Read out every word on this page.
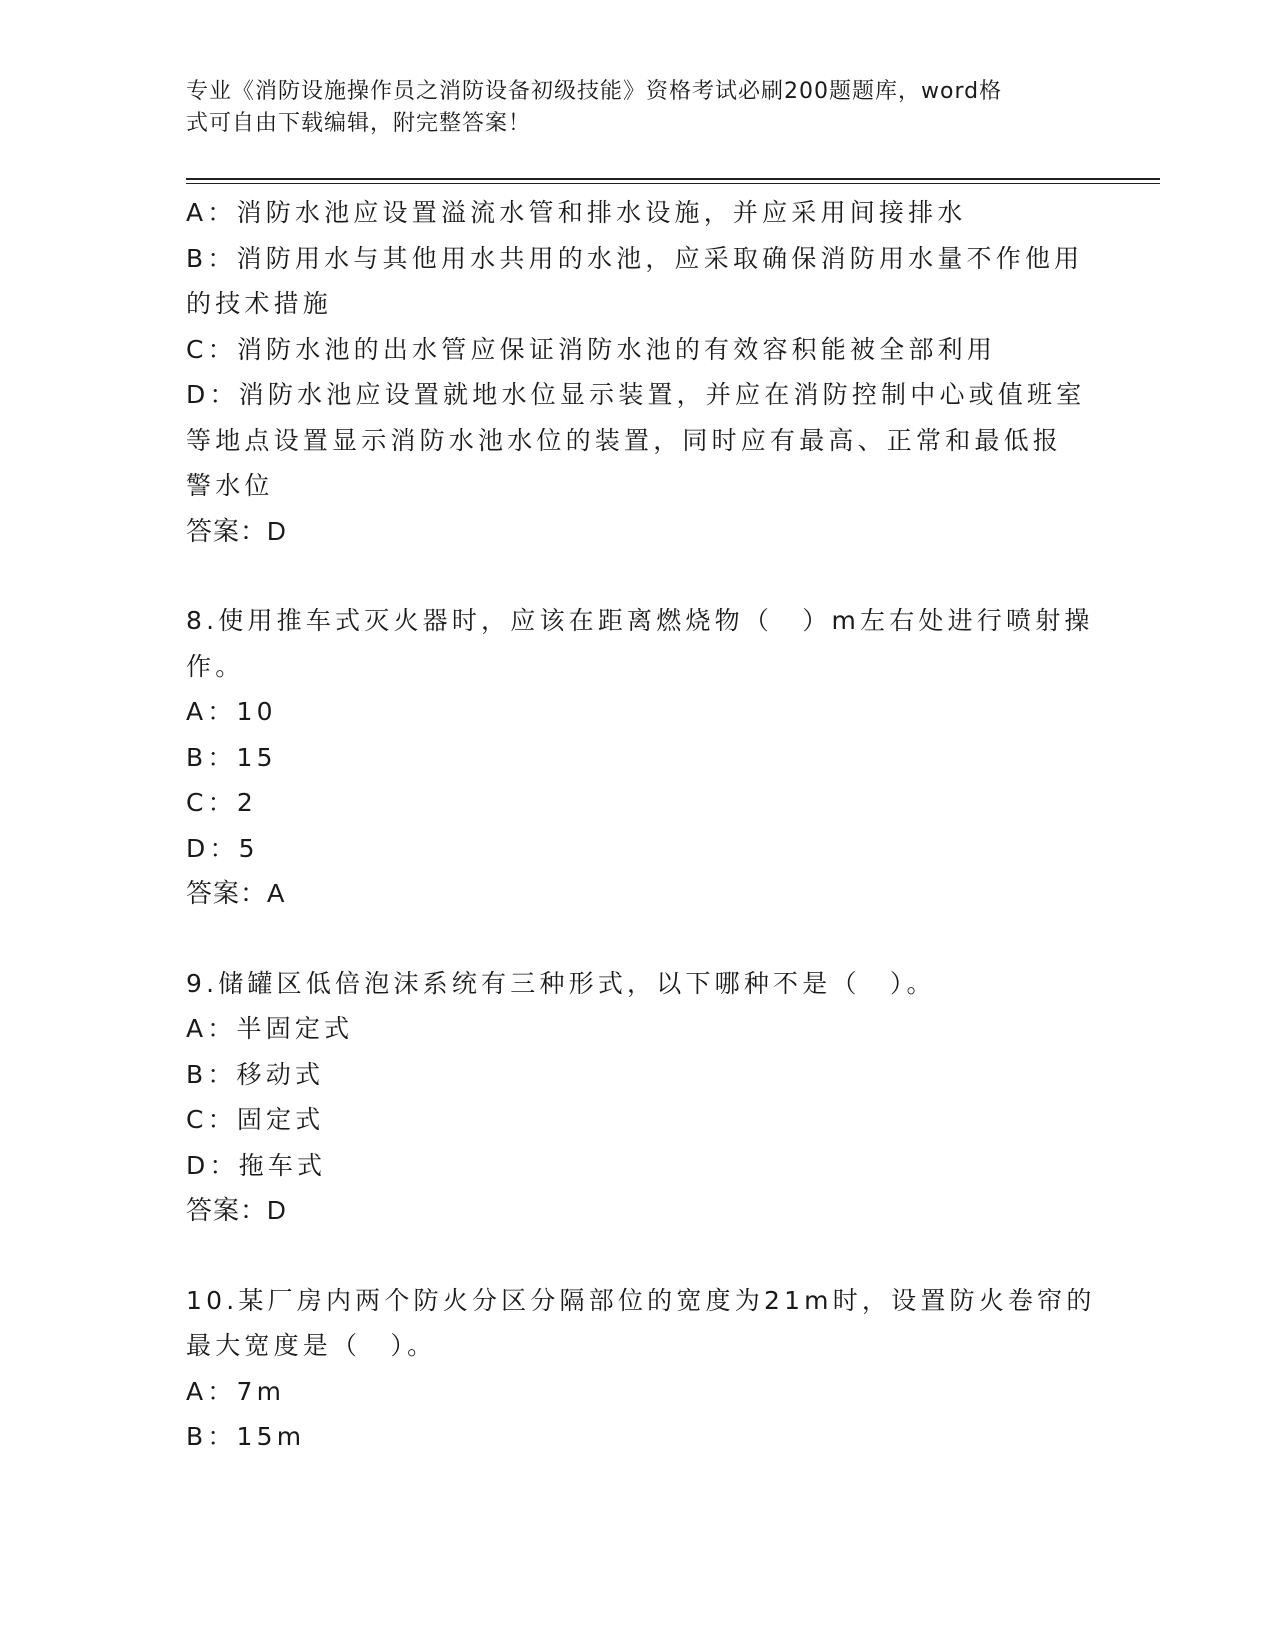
专业《消防设施操作员之消防设备初级技能》资格考试必刷200题题库，word格
式可自由下载编辑，附完整答案！
A：消防水池应设置溢流水管和排水设施，并应采用间接排水
B：消防用水与其他用水共用的水池，应采取确保消防用水量不作他用
的技术措施
C：消防水池的出水管应保证消防水池的有效容积能被全部利用
D：消防水池应设置就地水位显示装置，并应在消防控制中心或值班室
等地点设置显示消防水池水位的装置，同时应有最高、正常和最低报
警水位
答案：D
8.使用推车式灭火器时，应该在距离燃烧物（　）m左右处进行喷射操
作。
A：10
B：15
C：2
D：5
答案：A
9.储罐区低倍泡沫系统有三种形式，以下哪种不是（　）。
A：半固定式
B：移动式
C：固定式
D：拖车式
答案：D
10.某厂房内两个防火分区分隔部位的宽度为21m时，设置防火卷帘的
最大宽度是（　）。
A：7m
B：15m
